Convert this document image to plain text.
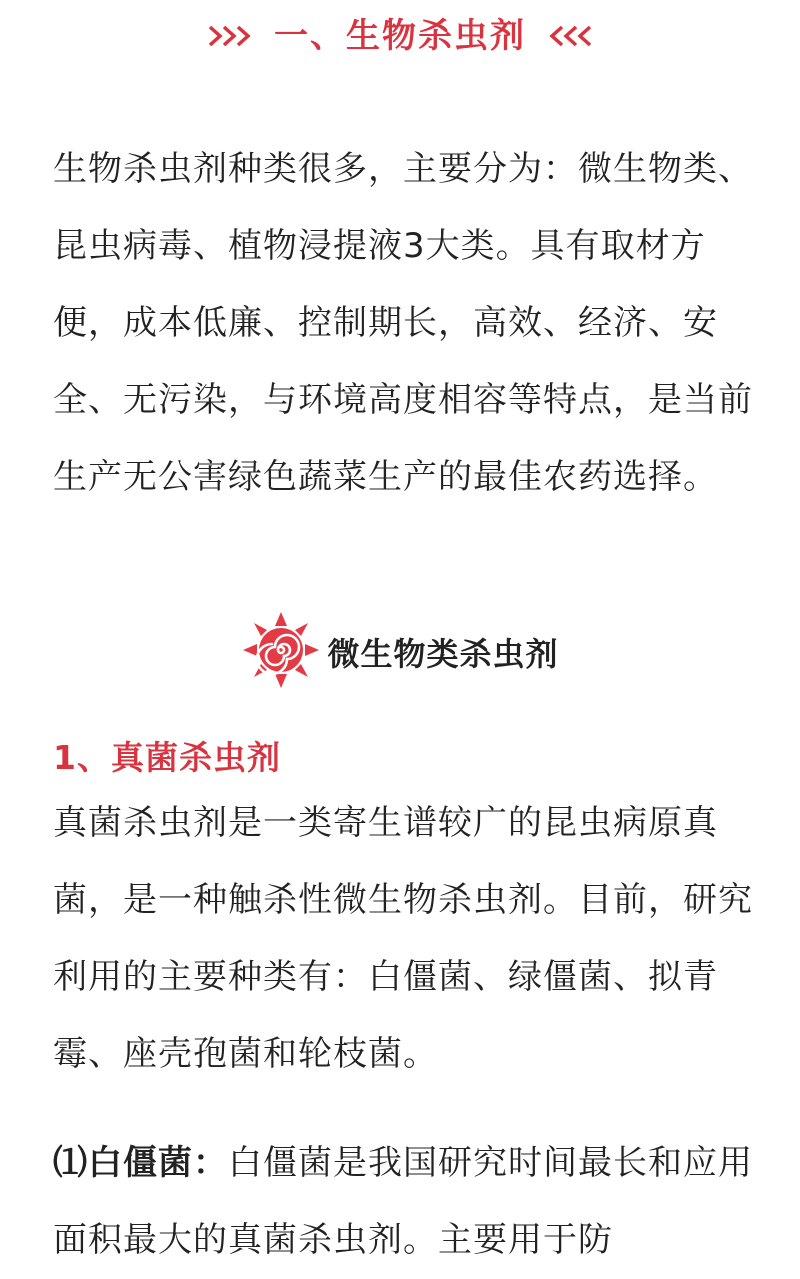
一、生物杀虫剂

生物杀虫剂种类很多，主要分为：微生物类、昆虫病毒、植物浸提液3大类。具有取材方便，成本低廉、控制期长，高效、经济、安全、无污染，与环境高度相容等特点，是当前生产无公害绿色蔬菜生产的最佳农药选择。

微生物类杀虫剂
1、真菌杀虫剂

真菌杀虫剂是一类寄生谱较广的昆虫病原真菌，是一种触杀性微生物杀虫剂。目前，研究利用的主要种类有：白僵菌、绿僵菌、拟青霉、座壳孢菌和轮枝菌。

⑴白僵菌：白僵菌是我国研究时间最长和应用面积最大的真菌杀虫剂。主要用于防
